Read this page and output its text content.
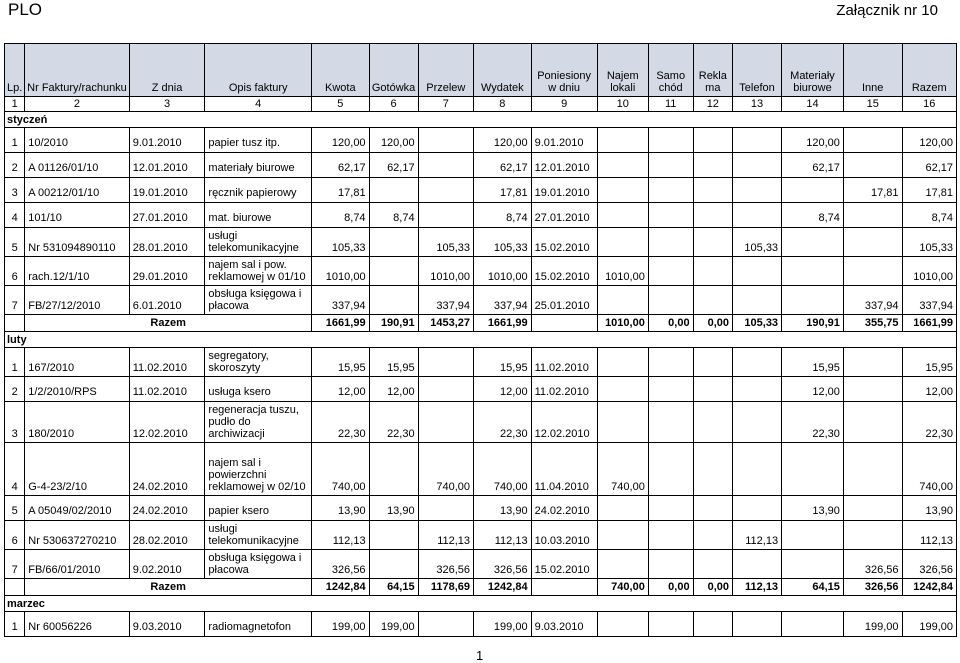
PLO	Załącznik nr 10
Lp.	Nr Faktury/rachunku	Z dnia	Opis faktury	Kwota	Gotówka	Przelew	Wydatek	Poniesiony w dniu	Najem lokali	Samo chód	Rekla ma	Telefon	Materiały biurowe	Inne	Razem
1	2	3	4	5	6	7	8	9	10	11	12	13	14	15	16
styczeń															
1	10/2010	9.01.2010	papier tusz itp.	120,00	120,00		120,00	9.01.2010					120,00		120,00
2	A 01126/01/10	12.01.2010	materiały biurowe	62,17	62,17		62,17	12.01.2010					62,17		62,17
3	A 00212/01/10	19.01.2010	ręcznik papierowy	17,81			17,81	19.01.2010						17,81	17,81
4	101/10	27.01.2010	mat. biurowe	8,74	8,74		8,74	27.01.2010					8,74		8,74
5	Nr 531094890110	28.01.2010	usługi telekomunikacyjne	105,33		105,33	105,33	15.02.2010				105,33			105,33
6	rach.12/1/10	29.01.2010	najem sal i pow. reklamowej w 01/10	1010,00		1010,00	1010,00	15.02.2010	1010,00						1010,00
7	FB/27/12/2010	6.01.2010	obsługa księgowa i płacowa	337,94		337,94	337,94	25.01.2010						337,94	337,94
	Razem			1661,99	190,91	1453,27	1661,99		1010,00	0,00	0,00	105,33	190,91	355,75	1661,99
luty															
1	167/2010	11.02.2010	segregatory, skoroszyty	15,95	15,95		15,95	11.02.2010					15,95		15,95
2	1/2/2010/RPS	11.02.2010	usługa ksero	12,00	12,00		12,00	11.02.2010					12,00		12,00
3	180/2010	12.02.2010	regeneracja tuszu, pudło do archiwizacji	22,30	22,30		22,30	12.02.2010					22,30		22,30
4	G-4-23/2/10	24.02.2010	najem sal i powierzchni reklamowej w 02/10	740,00		740,00	740,00	11.04.2010	740,00						740,00
5	A 05049/02/2010	24.02.2010	papier ksero	13,90	13,90		13,90	24.02.2010					13,90		13,90
6	Nr 530637270210	28.02.2010	usługi telekomunikacyjne	112,13		112,13	112,13	10.03.2010				112,13			112,13
7	FB/66/01/2010	9.02.2010	obsługa księgowa i płacowa	326,56		326,56	326,56	15.02.2010						326,56	326,56
	Razem			1242,84	64,15	1178,69	1242,84		740,00	0,00	0,00	112,13	64,15	326,56	1242,84
marzec															
1	Nr 60056226	9.03.2010	radiomagnetofon	199,00	199,00		199,00	9.03.2010						199,00	199,00
1
